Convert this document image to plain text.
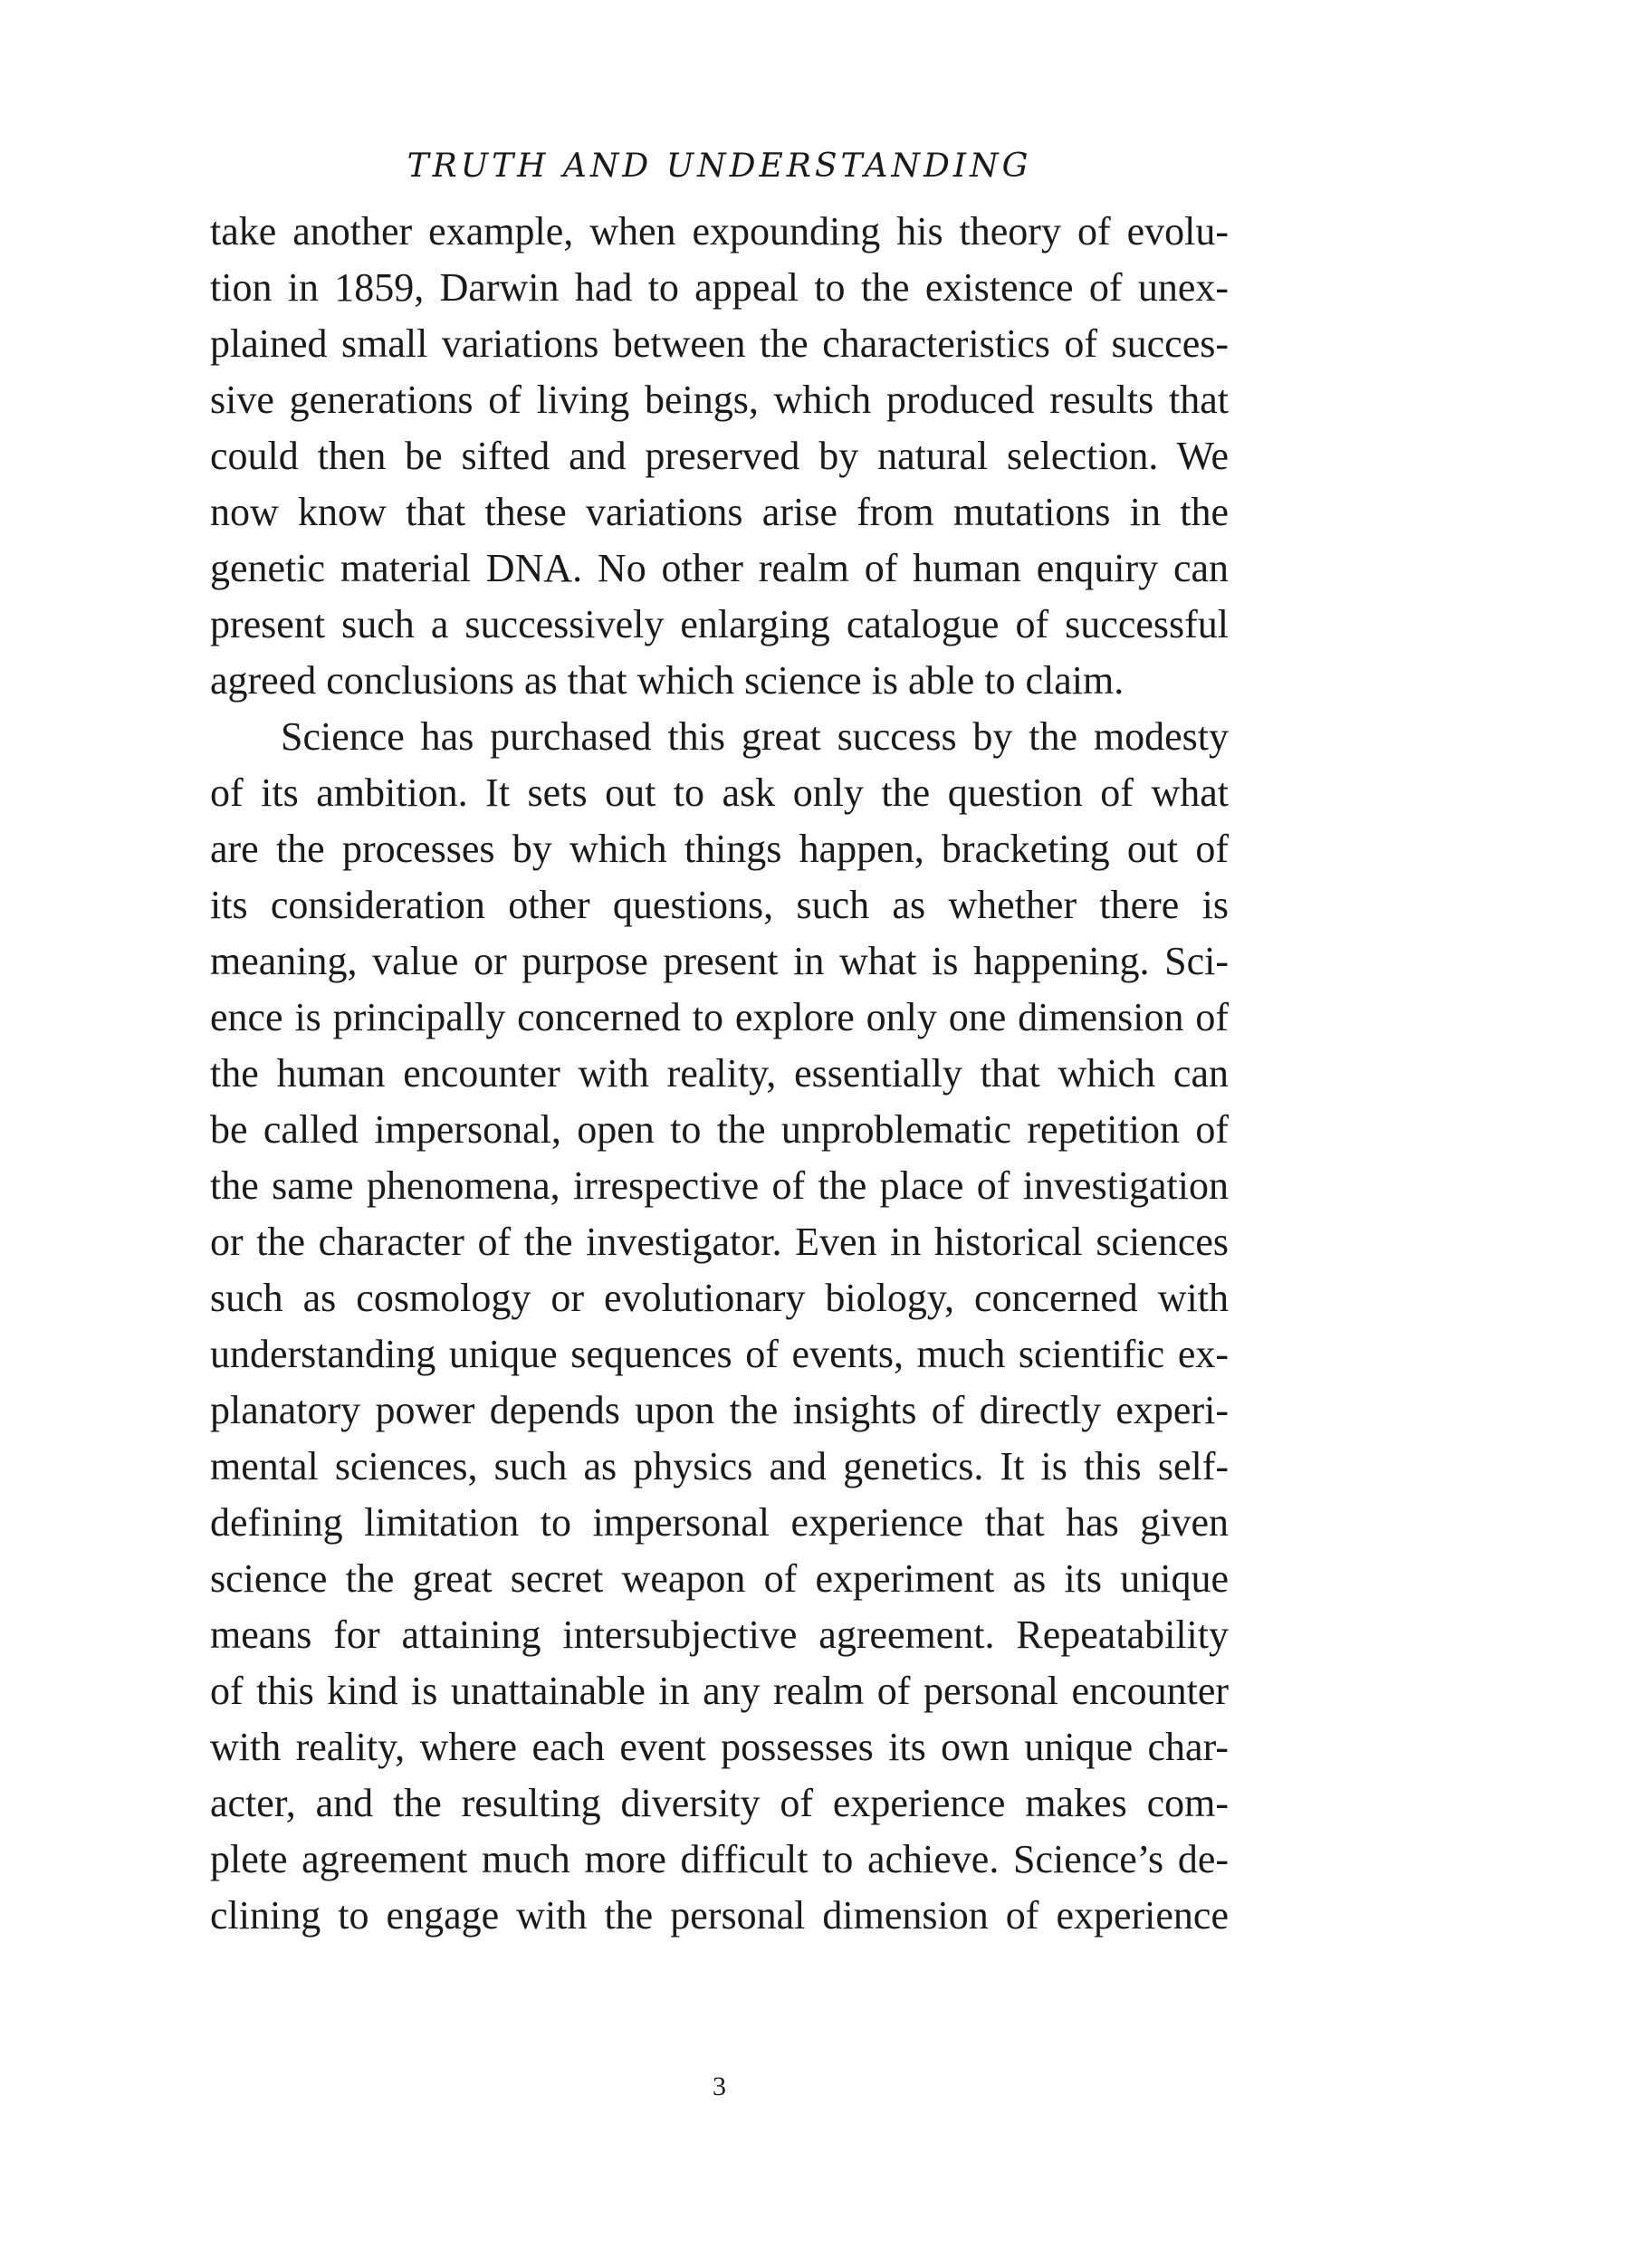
TRUTH AND UNDERSTANDING
take another example, when expounding his theory of evolu-
tion in 1859, Darwin had to appeal to the existence of unex-
plained small variations between the characteristics of succes-
sive generations of living beings, which produced results that
could then be sifted and preserved by natural selection. We
now know that these variations arise from mutations in the
genetic material DNA. No other realm of human enquiry can
present such a successively enlarging catalogue of successful
agreed conclusions as that which science is able to claim.
Science has purchased this great success by the modesty
of its ambition. It sets out to ask only the question of what
are the processes by which things happen, bracketing out of
its consideration other questions, such as whether there is
meaning, value or purpose present in what is happening. Sci-
ence is principally concerned to explore only one dimension of
the human encounter with reality, essentially that which can
be called impersonal, open to the unproblematic repetition of
the same phenomena, irrespective of the place of investigation
or the character of the investigator. Even in historical sciences
such as cosmology or evolutionary biology, concerned with
understanding unique sequences of events, much scientific ex-
planatory power depends upon the insights of directly experi-
mental sciences, such as physics and genetics. It is this self-
defining limitation to impersonal experience that has given
science the great secret weapon of experiment as its unique
means for attaining intersubjective agreement. Repeatability
of this kind is unattainable in any realm of personal encounter
with reality, where each event possesses its own unique char-
acter, and the resulting diversity of experience makes com-
plete agreement much more difficult to achieve. Science’s de-
clining to engage with the personal dimension of experience
3
